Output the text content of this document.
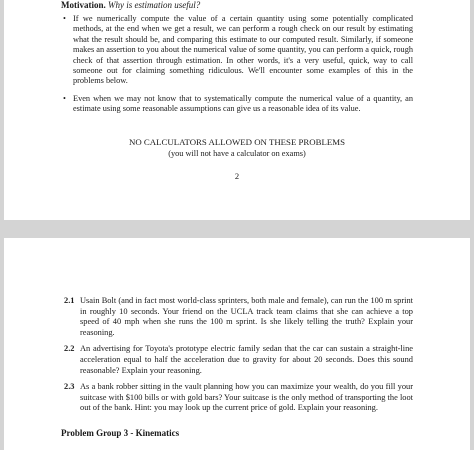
Motivation. Why is estimation useful?
• If we numerically compute the value of a certain quantity using some potentially complicated methods, at the end when we get a result, we can perform a rough check on our result by estimating what the result should be, and comparing this estimate to our computed result. Similarly, if someone makes an assertion to you about the numerical value of some quantity, you can perform a quick, rough check of that assertion through estimation. In other words, it's a very useful, quick, way to call someone out for claiming something ridiculous. We'll encounter some examples of this in the problems below.
• Even when we may not know that to systematically compute the numerical value of a quantity, an estimate using some reasonable assumptions can give us a reasonable idea of its value.
NO CALCULATORS ALLOWED ON THESE PROBLEMS
(you will not have a calculator on exams)
2
2.1 Usain Bolt (and in fact most world-class sprinters, both male and female), can run the 100 m sprint in roughly 10 seconds. Your friend on the UCLA track team claims that she can achieve a top speed of 40 mph when she runs the 100 m sprint. Is she likely telling the truth? Explain your reasoning.
2.2 An advertising for Toyota's prototype electric family sedan that the car can sustain a straight-line acceleration equal to half the acceleration due to gravity for about 20 seconds. Does this sound reasonable? Explain your reasoning.
2.3 As a bank robber sitting in the vault planning how you can maximize your wealth, do you fill your suitcase with $100 bills or with gold bars? Your suitcase is the only method of transporting the loot out of the bank. Hint: you may look up the current price of gold. Explain your reasoning.
Problem Group 3 - Kinematics
